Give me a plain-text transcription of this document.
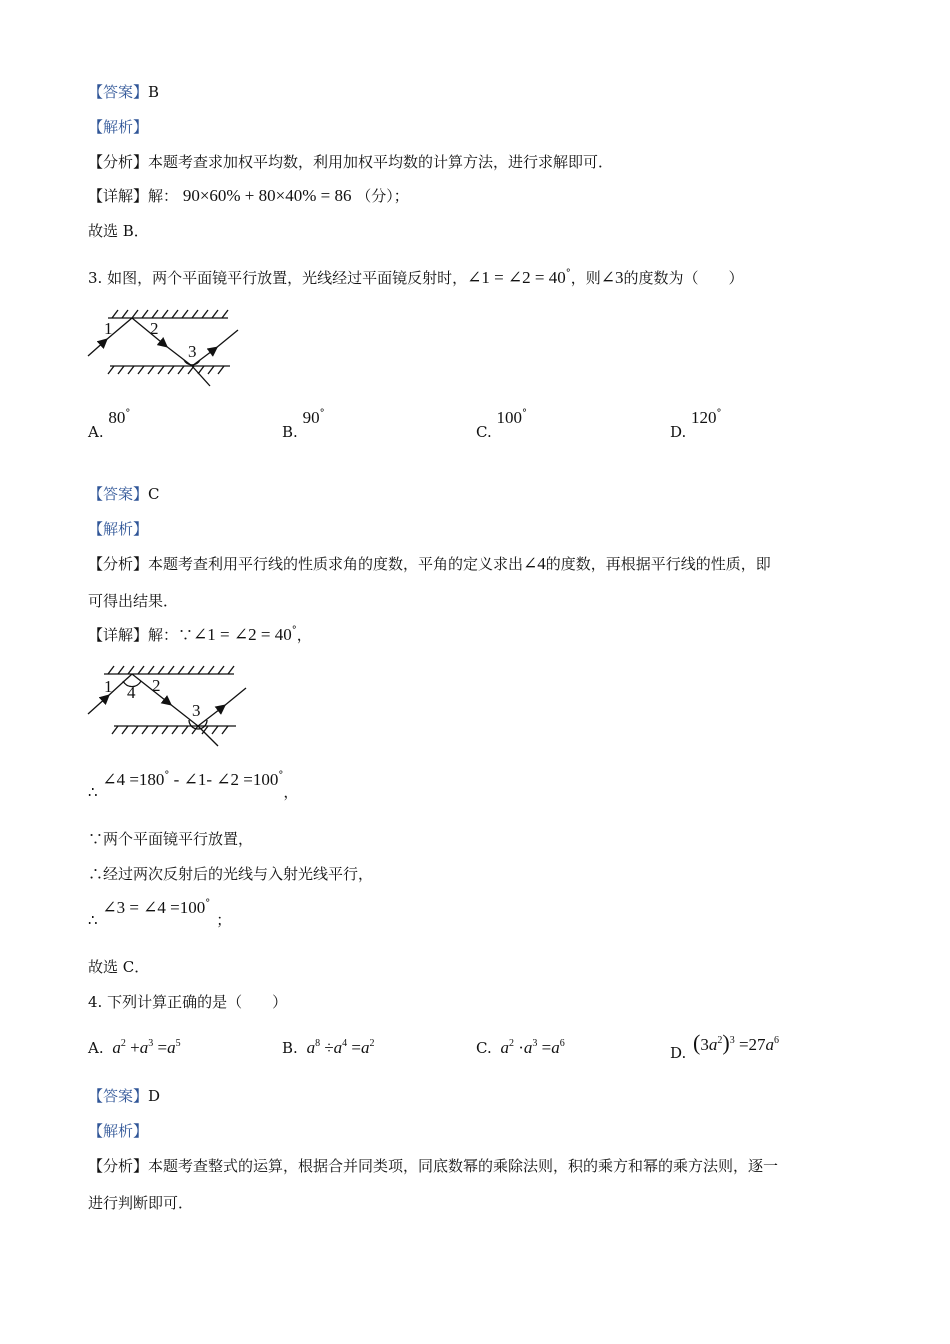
【答案】B
【解析】
【分析】本题考查求加权平均数，利用加权平均数的计算方法，进行求解即可．
【详解】解： 90×60% + 80×40% = 86 （分）；
故选 B．
3. 如图，两个平面镜平行放置，光线经过平面镜反射时，∠1 = ∠2 = 40°，则∠3的度数为（　　）
1 2
3
A. 80°
B. 90°
C. 100°
D. 120°
【答案】C
【解析】
【分析】本题考查利用平行线的性质求角的度数，平角的定义求出∠4的度数，再根据平行线的性质，即
可得出结果．
【详解】解：∵∠1 = ∠2 = 40°，
1 4 2
3
∴ ∠4 =180° - ∠1- ∠2 =100°，
∵两个平面镜平行放置，
∴经过两次反射后的光线与入射光线平行，
∴ ∠3 = ∠4 =100°；
故选 C．
4. 下列计算正确的是（　　）
A. $a^2 +a^3 =a^5$	B. $a^8 \div a^4 =a^2$	C. $a^2 \cdot a^3 =a^6$
D. $(3a^2)^3 =27a^6$
【答案】D
【解析】
【分析】本题考查整式的运算，根据合并同类项，同底数幂的乘除法则，积的乘方和幂的乘方法则，逐一
进行判断即可．
